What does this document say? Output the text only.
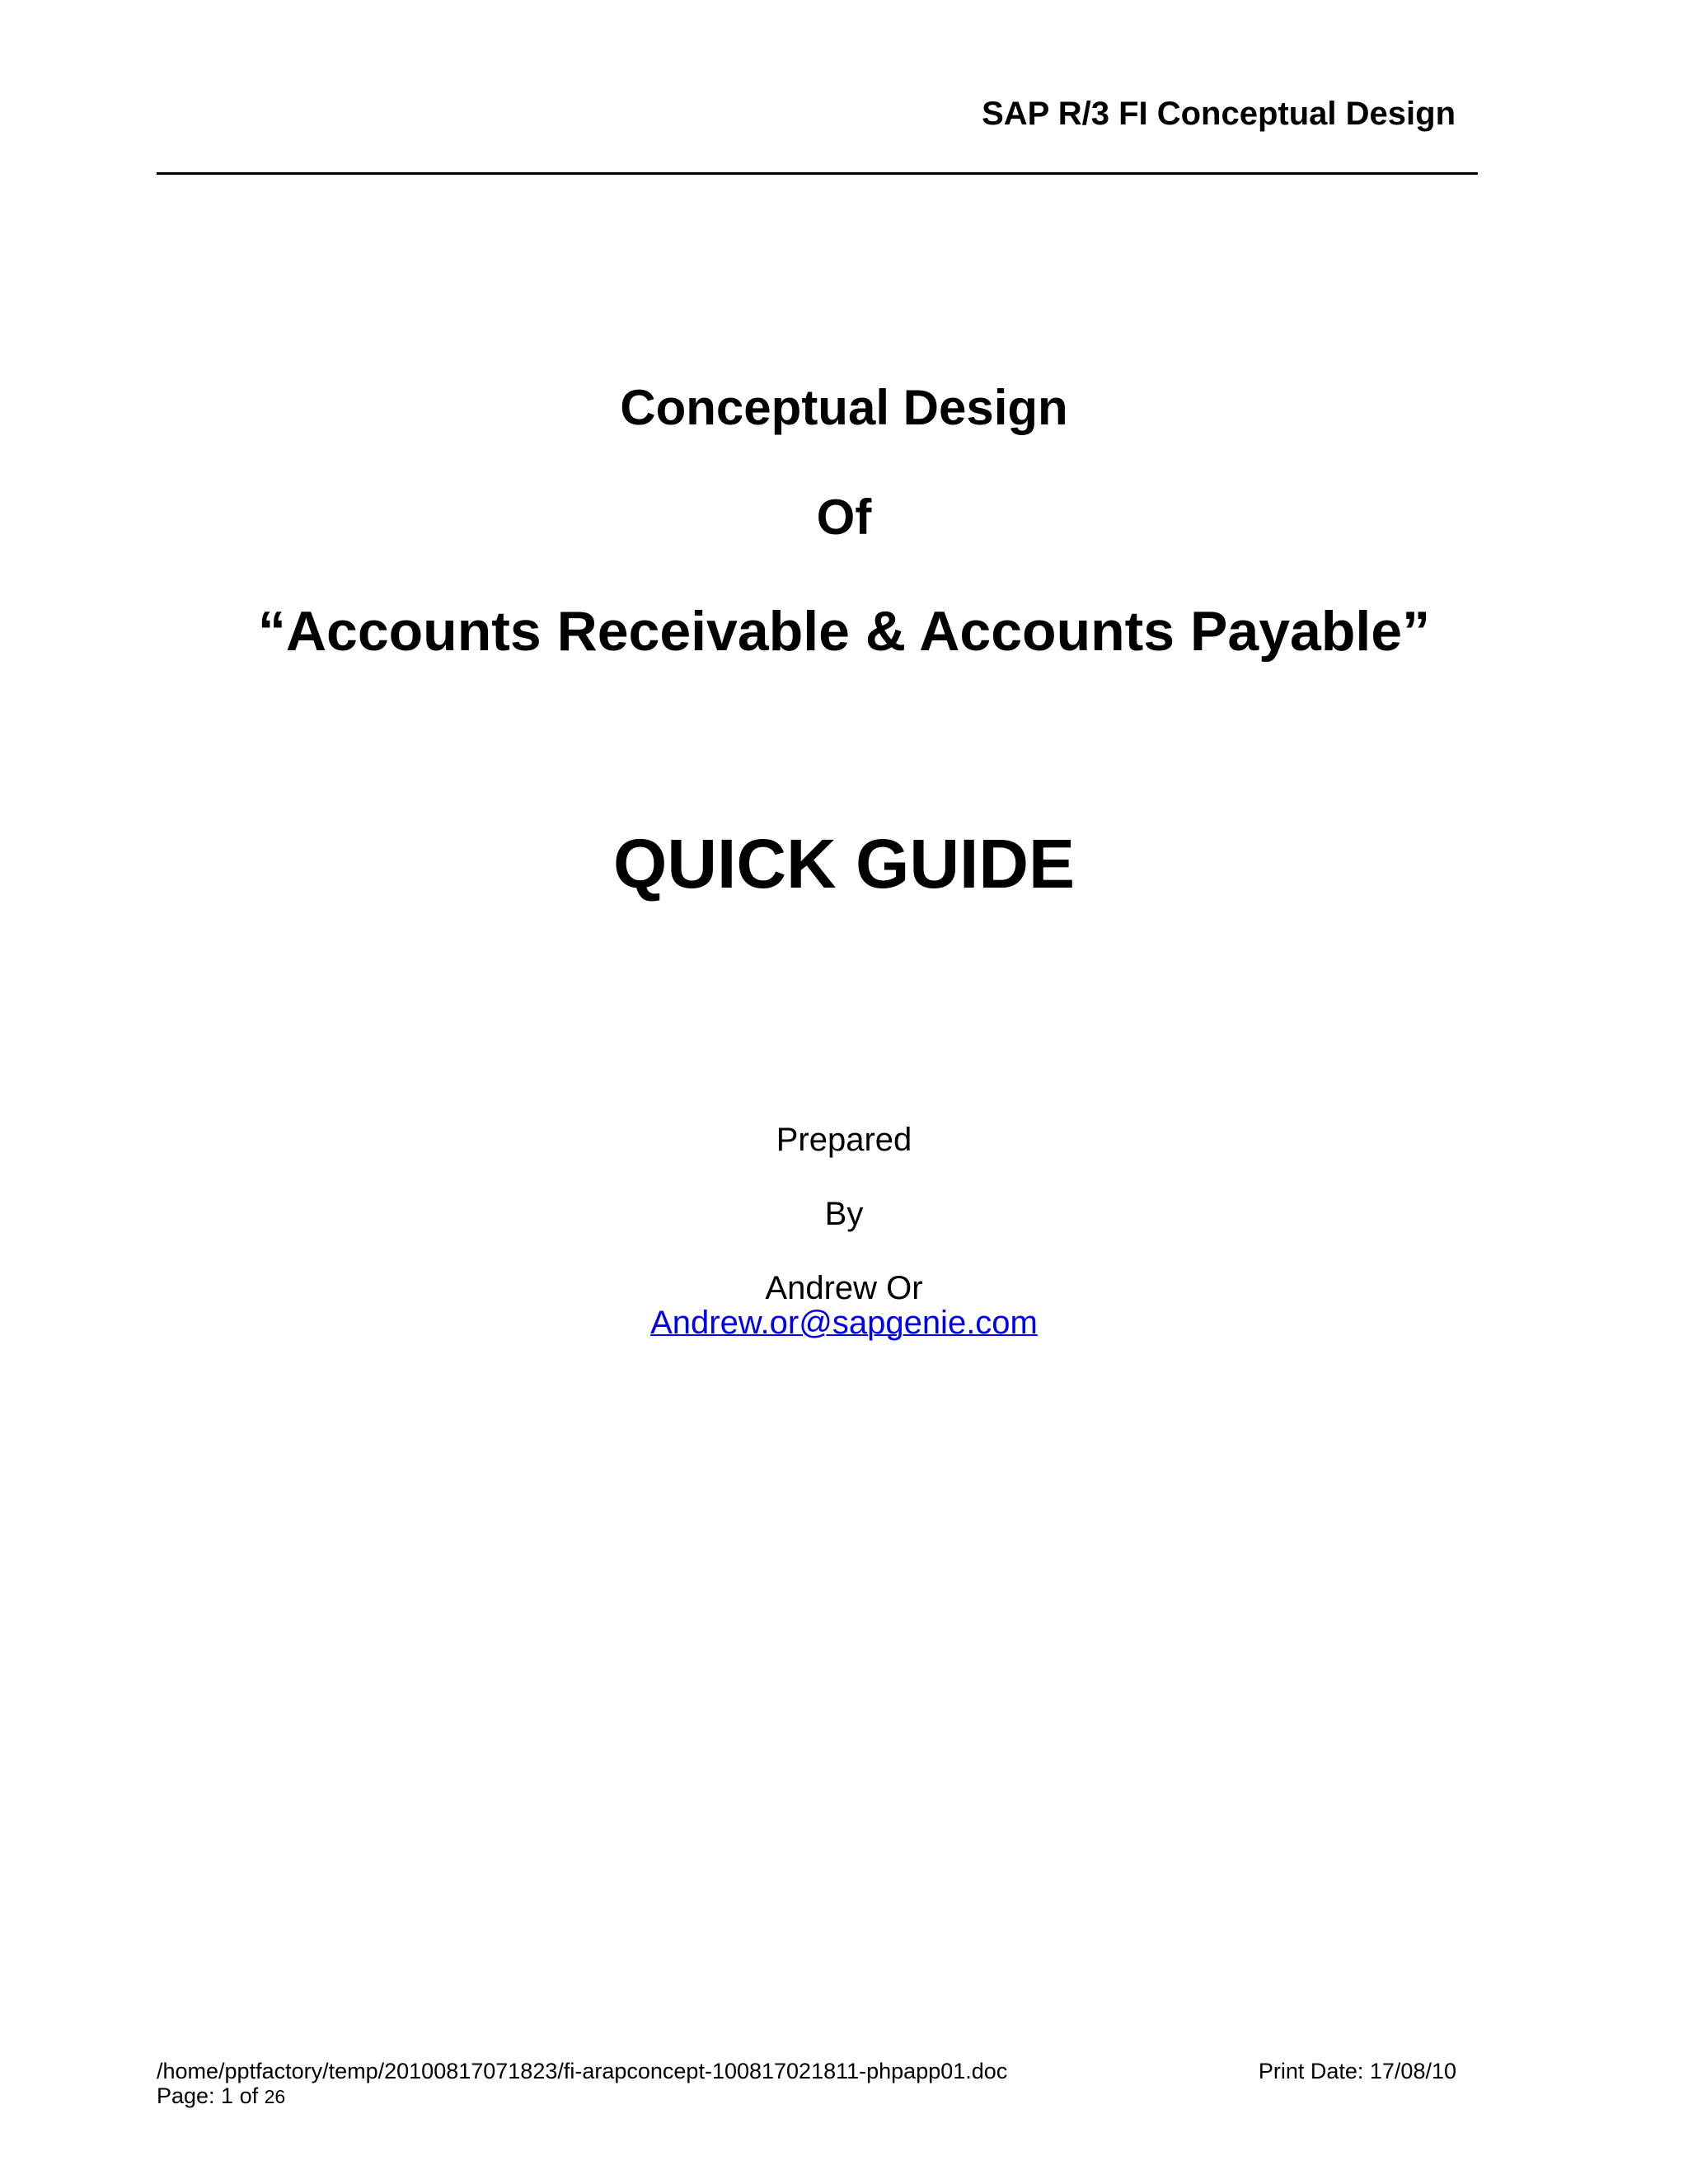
SAP R/3 FI Conceptual Design
Conceptual Design
Of
“Accounts Receivable & Accounts Payable”
QUICK GUIDE
Prepared
By
Andrew Or
Andrew.or@sapgenie.com
/home/pptfactory/temp/20100817071823/fi-arapconcept-100817021811-phpapp01.doc
Page: 1 of 26
Print Date: 17/08/10
